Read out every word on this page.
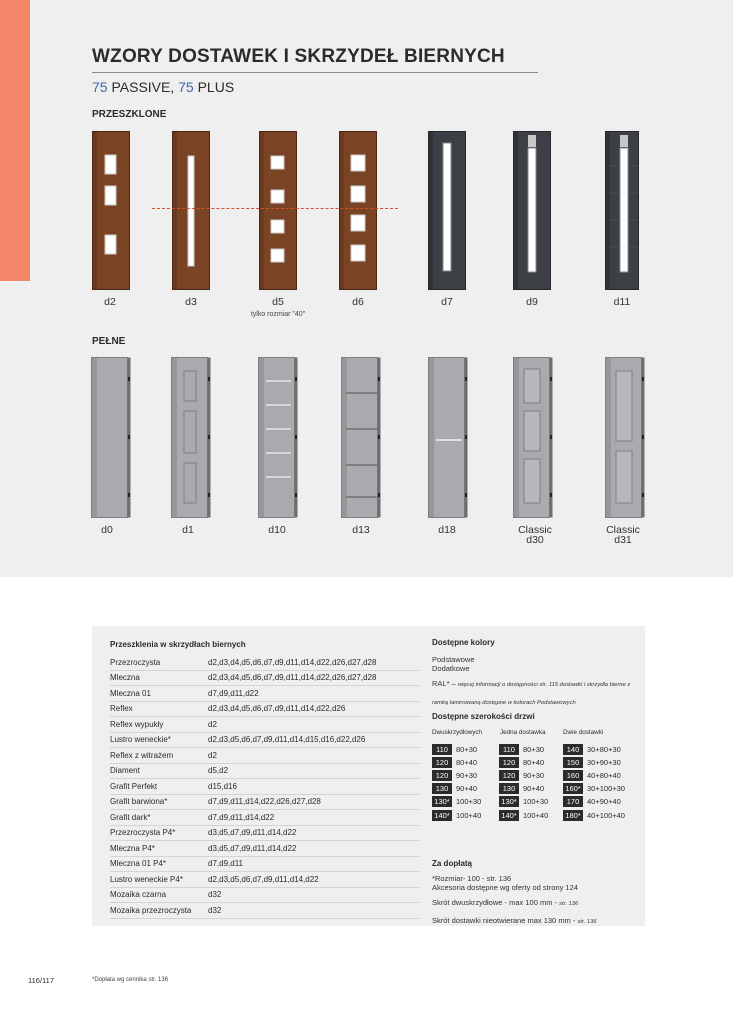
WZORY DOSTAWEK I SKRZYDEŁ BIERNYCH
75 PASSIVE, 75 PLUS
PRZESZKLONE
d2	d3	d5	d6	d7	d9	d11
tylko rozmiar "40"
PEŁNE
d0	d1	d10	d13	d18	Classic
d30
Classic
d31
Przeszklenia w skrzydłach biernych
Przezroczysta	d2,d3,d4,d5,d6,d7,d9,d11,d14,d22,d26,d27,d28
Mleczna	d2,d3,d4,d5,d6,d7,d9,d11,d14,d22,d26,d27,d28
Mleczna 01	d7,d9,d11,d22
Reflex	d2,d3,d4,d5,d6,d7,d9,d11,d14,d22,d26
Reflex wypukły	d2
Lustro weneckie*	d2,d3,d5,d6,d7,d9,d11,d14,d15,d16,d22,d26
Reflex z witrażem	d2
Diament	d5,d2
Grafit Perfekt	d15,d16
Grafit barwiona*	d7,d9,d11,d14,d22,d26,d27,d28
Grafit dark*	d7,d9,d11,d14,d22
Przezroczysta P4*	d3,d5,d7,d9,d11,d14,d22
Mleczna P4*	d3,d5,d7,d9,d11,d14,d22
Mleczna 01 P4*	d7,d9,d11
Lustro weneckie P4*	d2,d3,d5,d6,d7,d9,d11,d14,d22
Mozaika czarna	d32
Mozaika przezroczysta	d32
Dostępne kolory
Podstawowe
Dodatkowe
RAL* – więcej informacji o dostępności str. 115 dostawki i skrzydła bierne z ramką laminowaną dostępne w kolorach Podstawowych
Dostępne szerokości drzwi
Dwuskrzydłowych	Jedna dostawka	Dwie dostawki
110	80+30	110	80+30	140	30+80+30
120	80+40	120	80+40	150	30+90+30
120	90+30	120	90+30	160	40+80+40
130	90+40	130	90+40	160* 30+100+30
130* 100+30	130* 100+30	170	40+90+40
140* 100+40	140* 100+40	180* 40+100+40
Za dopłatą
*Rozmiar- 100 - str. 136
Akcesoria dostępne wg oferty od strony 124
Skrót dwuskrzydłowe - max 100 mm - str. 136
Skrót dostawki nieotwierane max 130 mm - str. 136
116/117	*Dopłata wg cennika str. 136
